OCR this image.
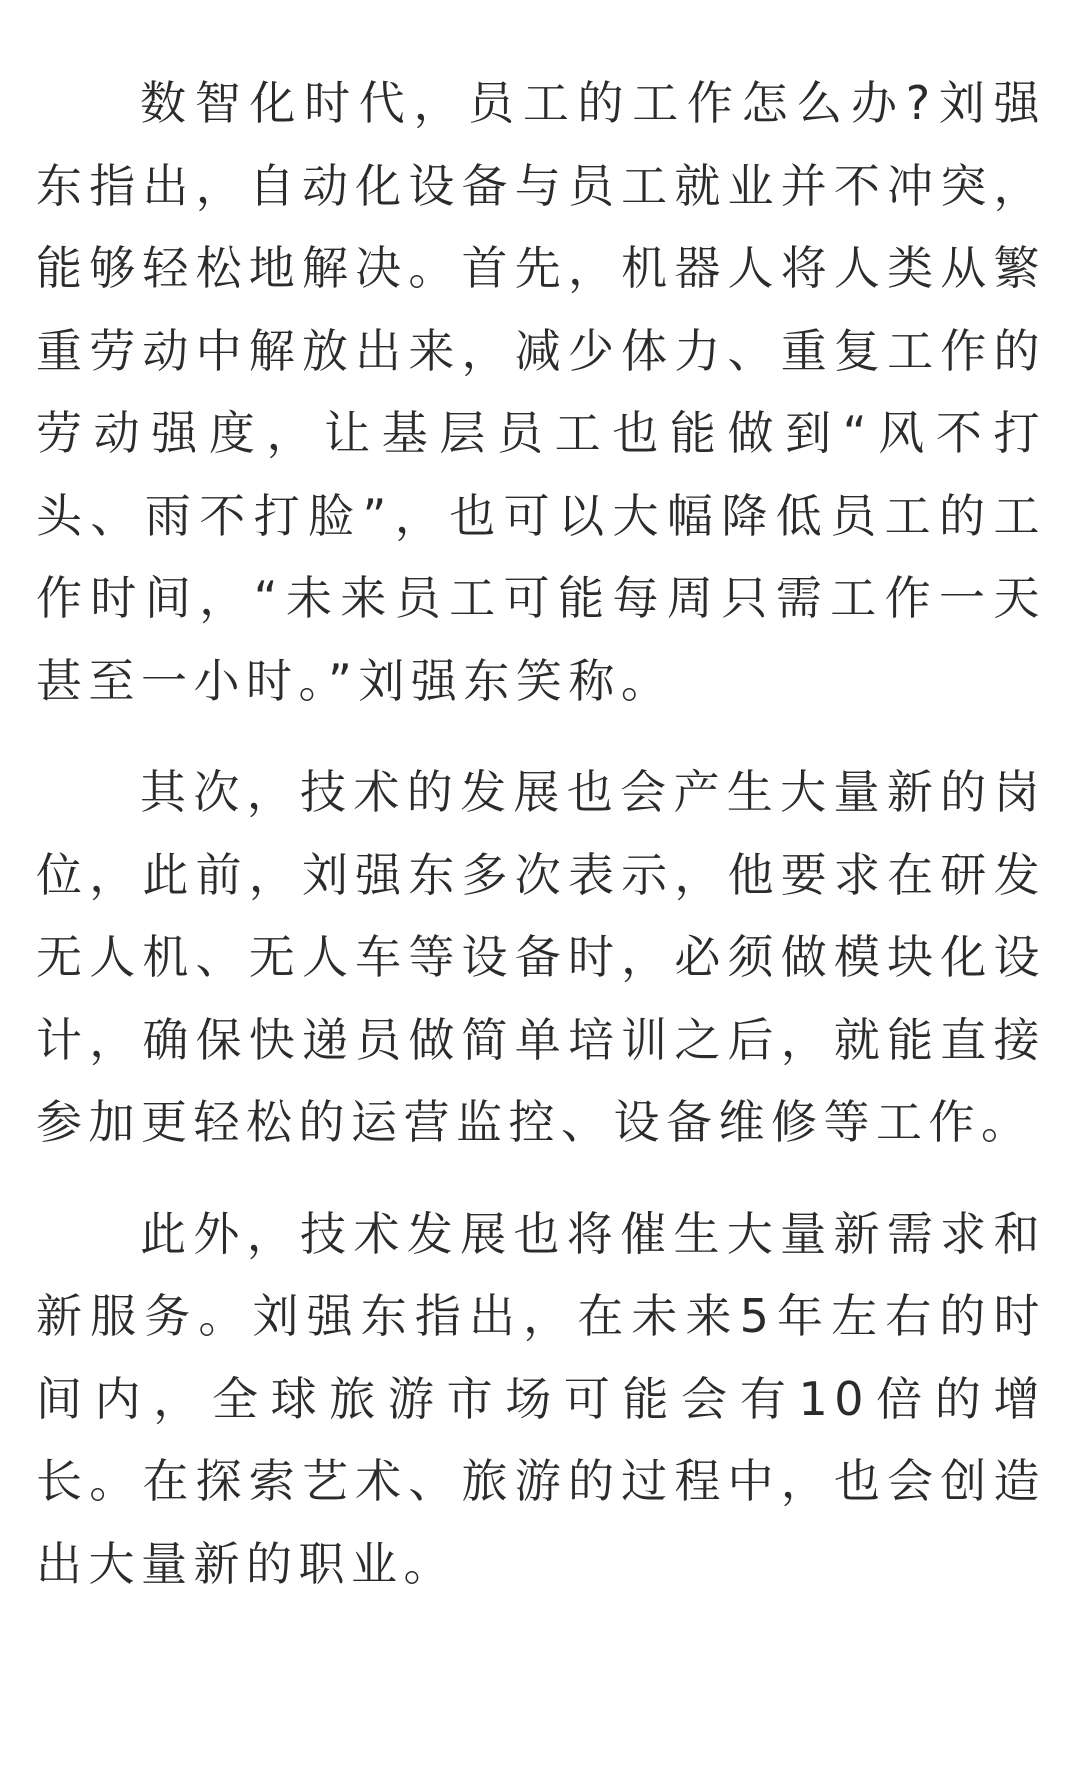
数智化时代，员工的工作怎么办?刘强东指出，自动化设备与员工就业并不冲突，能够轻松地解决。首先，机器人将人类从繁重劳动中解放出来，减少体力、重复工作的劳动强度，让基层员工也能做到“风不打头、雨不打脸”，也可以大幅降低员工的工作时间，“未来员工可能每周只需工作一天甚至一小时。”刘强东笑称。

其次，技术的发展也会产生大量新的岗位，此前，刘强东多次表示，他要求在研发无人机、无人车等设备时，必须做模块化设计，确保快递员做简单培训之后，就能直接参加更轻松的运营监控、设备维修等工作。

此外，技术发展也将催生大量新需求和新服务。刘强东指出，在未来5年左右的时间内，全球旅游市场可能会有10倍的增长。在探索艺术、旅游的过程中，也会创造出大量新的职业。
